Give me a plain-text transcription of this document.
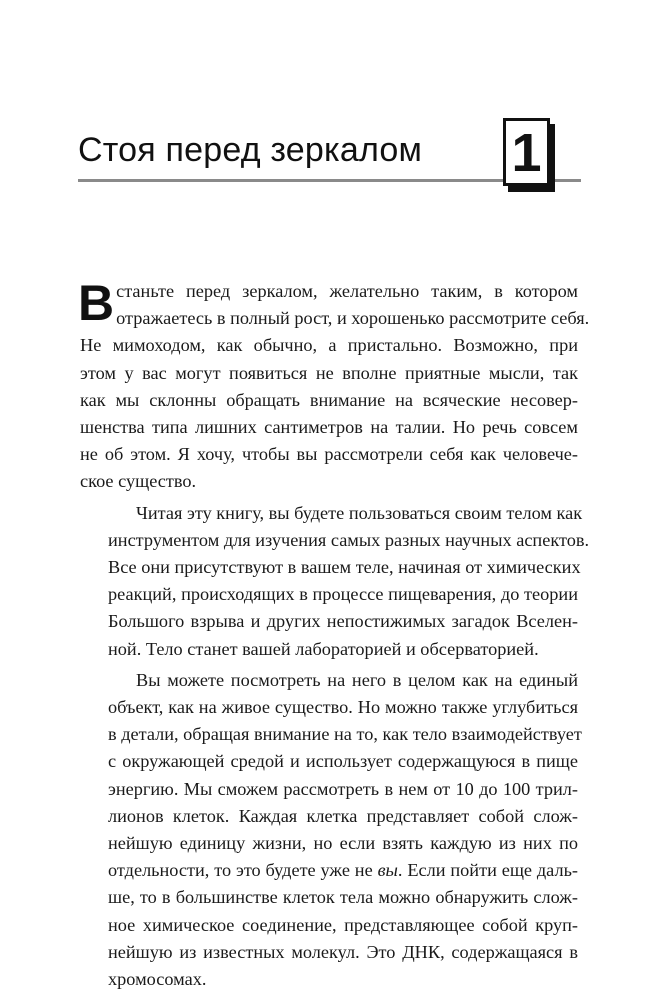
Стоя перед зеркалом 1
В станьте перед зеркалом, желательно таким, в котором
отражаетесь в полный рост, и хорошенько рассмотрите себя.
Не мимоходом, как обычно, а пристально. Возможно, при
этом у вас могут появиться не вполне приятные мысли, так
как мы склонны обращать внимание на всяческие несовер-
шенства типа лишних сантиметров на талии. Но речь совсем
не об этом. Я хочу, чтобы вы рассмотрели себя как человече-
ское существо.
Читая эту книгу, вы будете пользоваться своим телом как
инструментом для изучения самых разных научных аспектов.
Все они присутствуют в вашем теле, начиная от химических
реакций, происходящих в процессе пищеварения, до теории
Большого взрыва и других непостижимых загадок Вселен-
ной. Тело станет вашей лабораторией и обсерваторией.
Вы можете посмотреть на него в целом как на единый
объект, как на живое существо. Но можно также углубиться
в детали, обращая внимание на то, как тело взаимодействует
с окружающей средой и использует содержащуюся в пище
энергию. Мы сможем рассмотреть в нем от 10 до 100 трил-
лионов клеток. Каждая клетка представляет собой слож-
нейшую единицу жизни, но если взять каждую из них по
отдельности, то это будете уже не вы. Если пойти еще даль-
ше, то в большинстве клеток тела можно обнаружить слож-
ное химическое соединение, представляющее собой круп-
нейшую из известных молекул. Это ДНК, содержащаяся в
хромосомах.
